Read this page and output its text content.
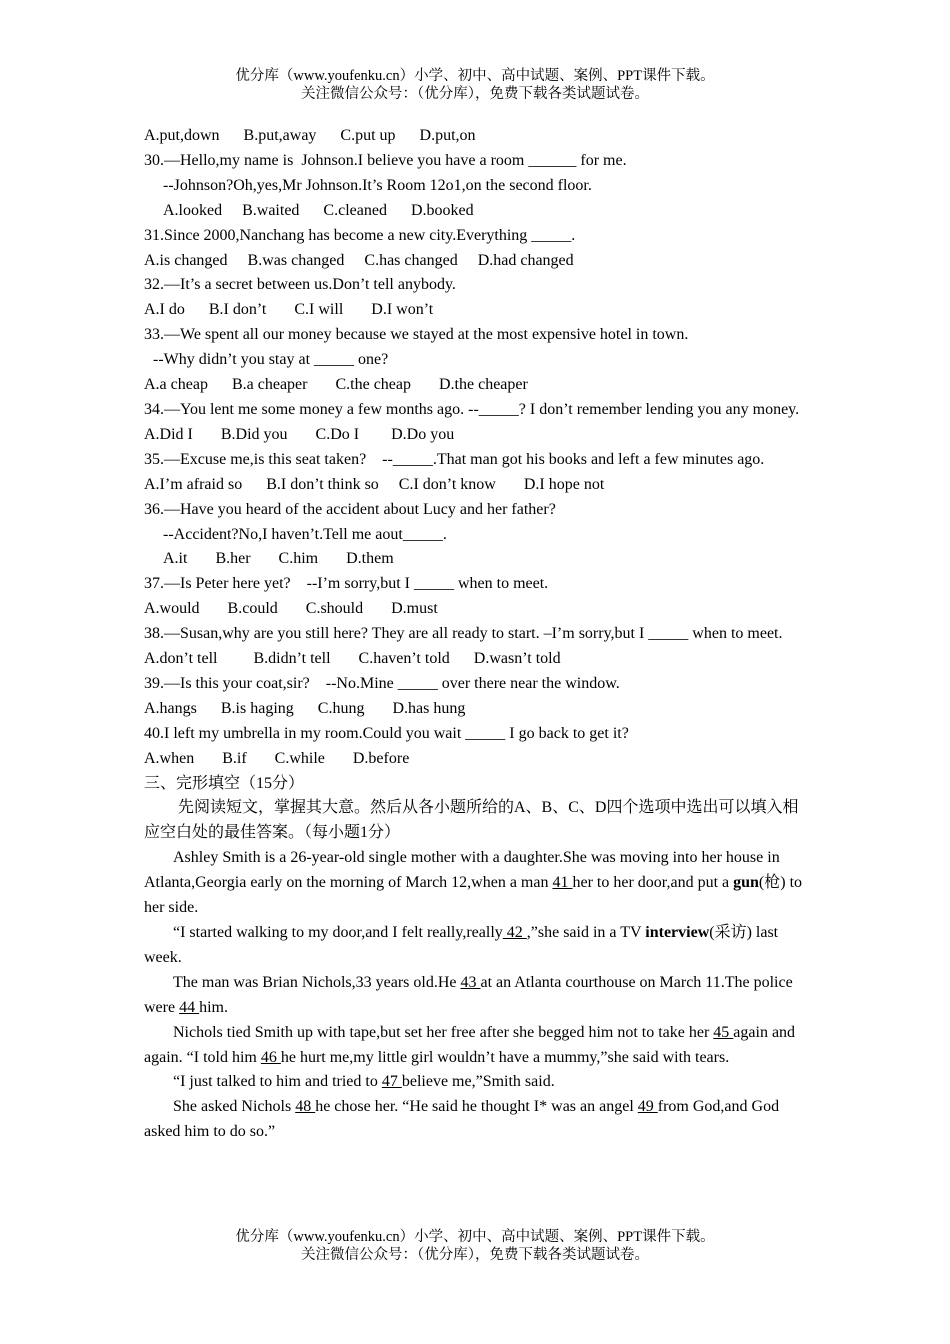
优分库（www.youfenku.cn）小学、初中、高中试题、案例、PPT课件下载。
关注微信公众号：（优分库），免费下载各类试题试卷。
A.put,down      B.put,away      C.put up      D.put,on
30.—Hello,my name is  Johnson.I believe you have a room ______ for me.
--Johnson?Oh,yes,Mr Johnson.It’s Room 12o1,on the second floor.
A.looked     B.waited      C.cleaned      D.booked
31.Since 2000,Nanchang has become a new city.Everything _____.
A.is changed     B.was changed     C.has changed     D.had changed
32.—It’s a secret between us.Don’t tell anybody.
A.I do      B.I don’t       C.I will       D.I won’t
33.—We spent all our money because we stayed at the most expensive hotel in town.
--Why didn’t you stay at _____ one?
A.a cheap      B.a cheaper       C.the cheap       D.the cheaper
34.—You lent me some money a few months ago. --_____? I don’t remember lending you any money.
A.Did I       B.Did you       C.Do I        D.Do you
35.—Excuse me,is this seat taken?    --_____.That man got his books and left a few minutes ago.
A.I’m afraid so      B.I don’t think so     C.I don’t know       D.I hope not
36.—Have you heard of the accident about Lucy and her father?
--Accident?No,I haven’t.Tell me aout_____.
A.it       B.her       C.him       D.them
37.—Is Peter here yet?    --I’m sorry,but I _____ when to meet.
A.would       B.could       C.should       D.must
38.—Susan,why are you still here? They are all ready to start. –I’m sorry,but I _____ when to meet.
A.don’t tell         B.didn’t tell       C.haven’t told      D.wasn’t told
39.—Is this your coat,sir?    --No.Mine _____ over there near the window.
A.hangs      B.is haging      C.hung       D.has hung
40.I left my umbrella in my room.Could you wait _____ I go back to get it?
A.when       B.if       C.while       D.before
三、完形填空（15分）
先阅读短文，掌握其大意。然后从各小题所给的A、B、C、D四个选项中选出可以填入相应空白处的最佳答案。（每小题1分）
Ashley Smith is a 26-year-old single mother with a daughter.She was moving into her house in Atlanta,Georgia early on the morning of March 12,when a man 41 her to her door,and put a gun(枪) to her side.
“I started walking to my door,and I felt really,really 42 ,”she said in a TV interview(采访) last week.
The man was Brian Nichols,33 years old.He 43 at an Atlanta courthouse on March 11.The police were 44 him.
Nichols tied Smith up with tape,but set her free after she begged him not to take her 45 again and again. “I told him 46 he hurt me,my little girl wouldn’t have a mummy,”she said with tears.
“I just talked to him and tried to 47 believe me,”Smith said.
She asked Nichols 48 he chose her. “He said he thought I* was an angel 49 from God,and God asked him to do so.”
优分库（www.youfenku.cn）小学、初中、高中试题、案例、PPT课件下载。
关注微信公众号：（优分库），免费下载各类试题试卷。
